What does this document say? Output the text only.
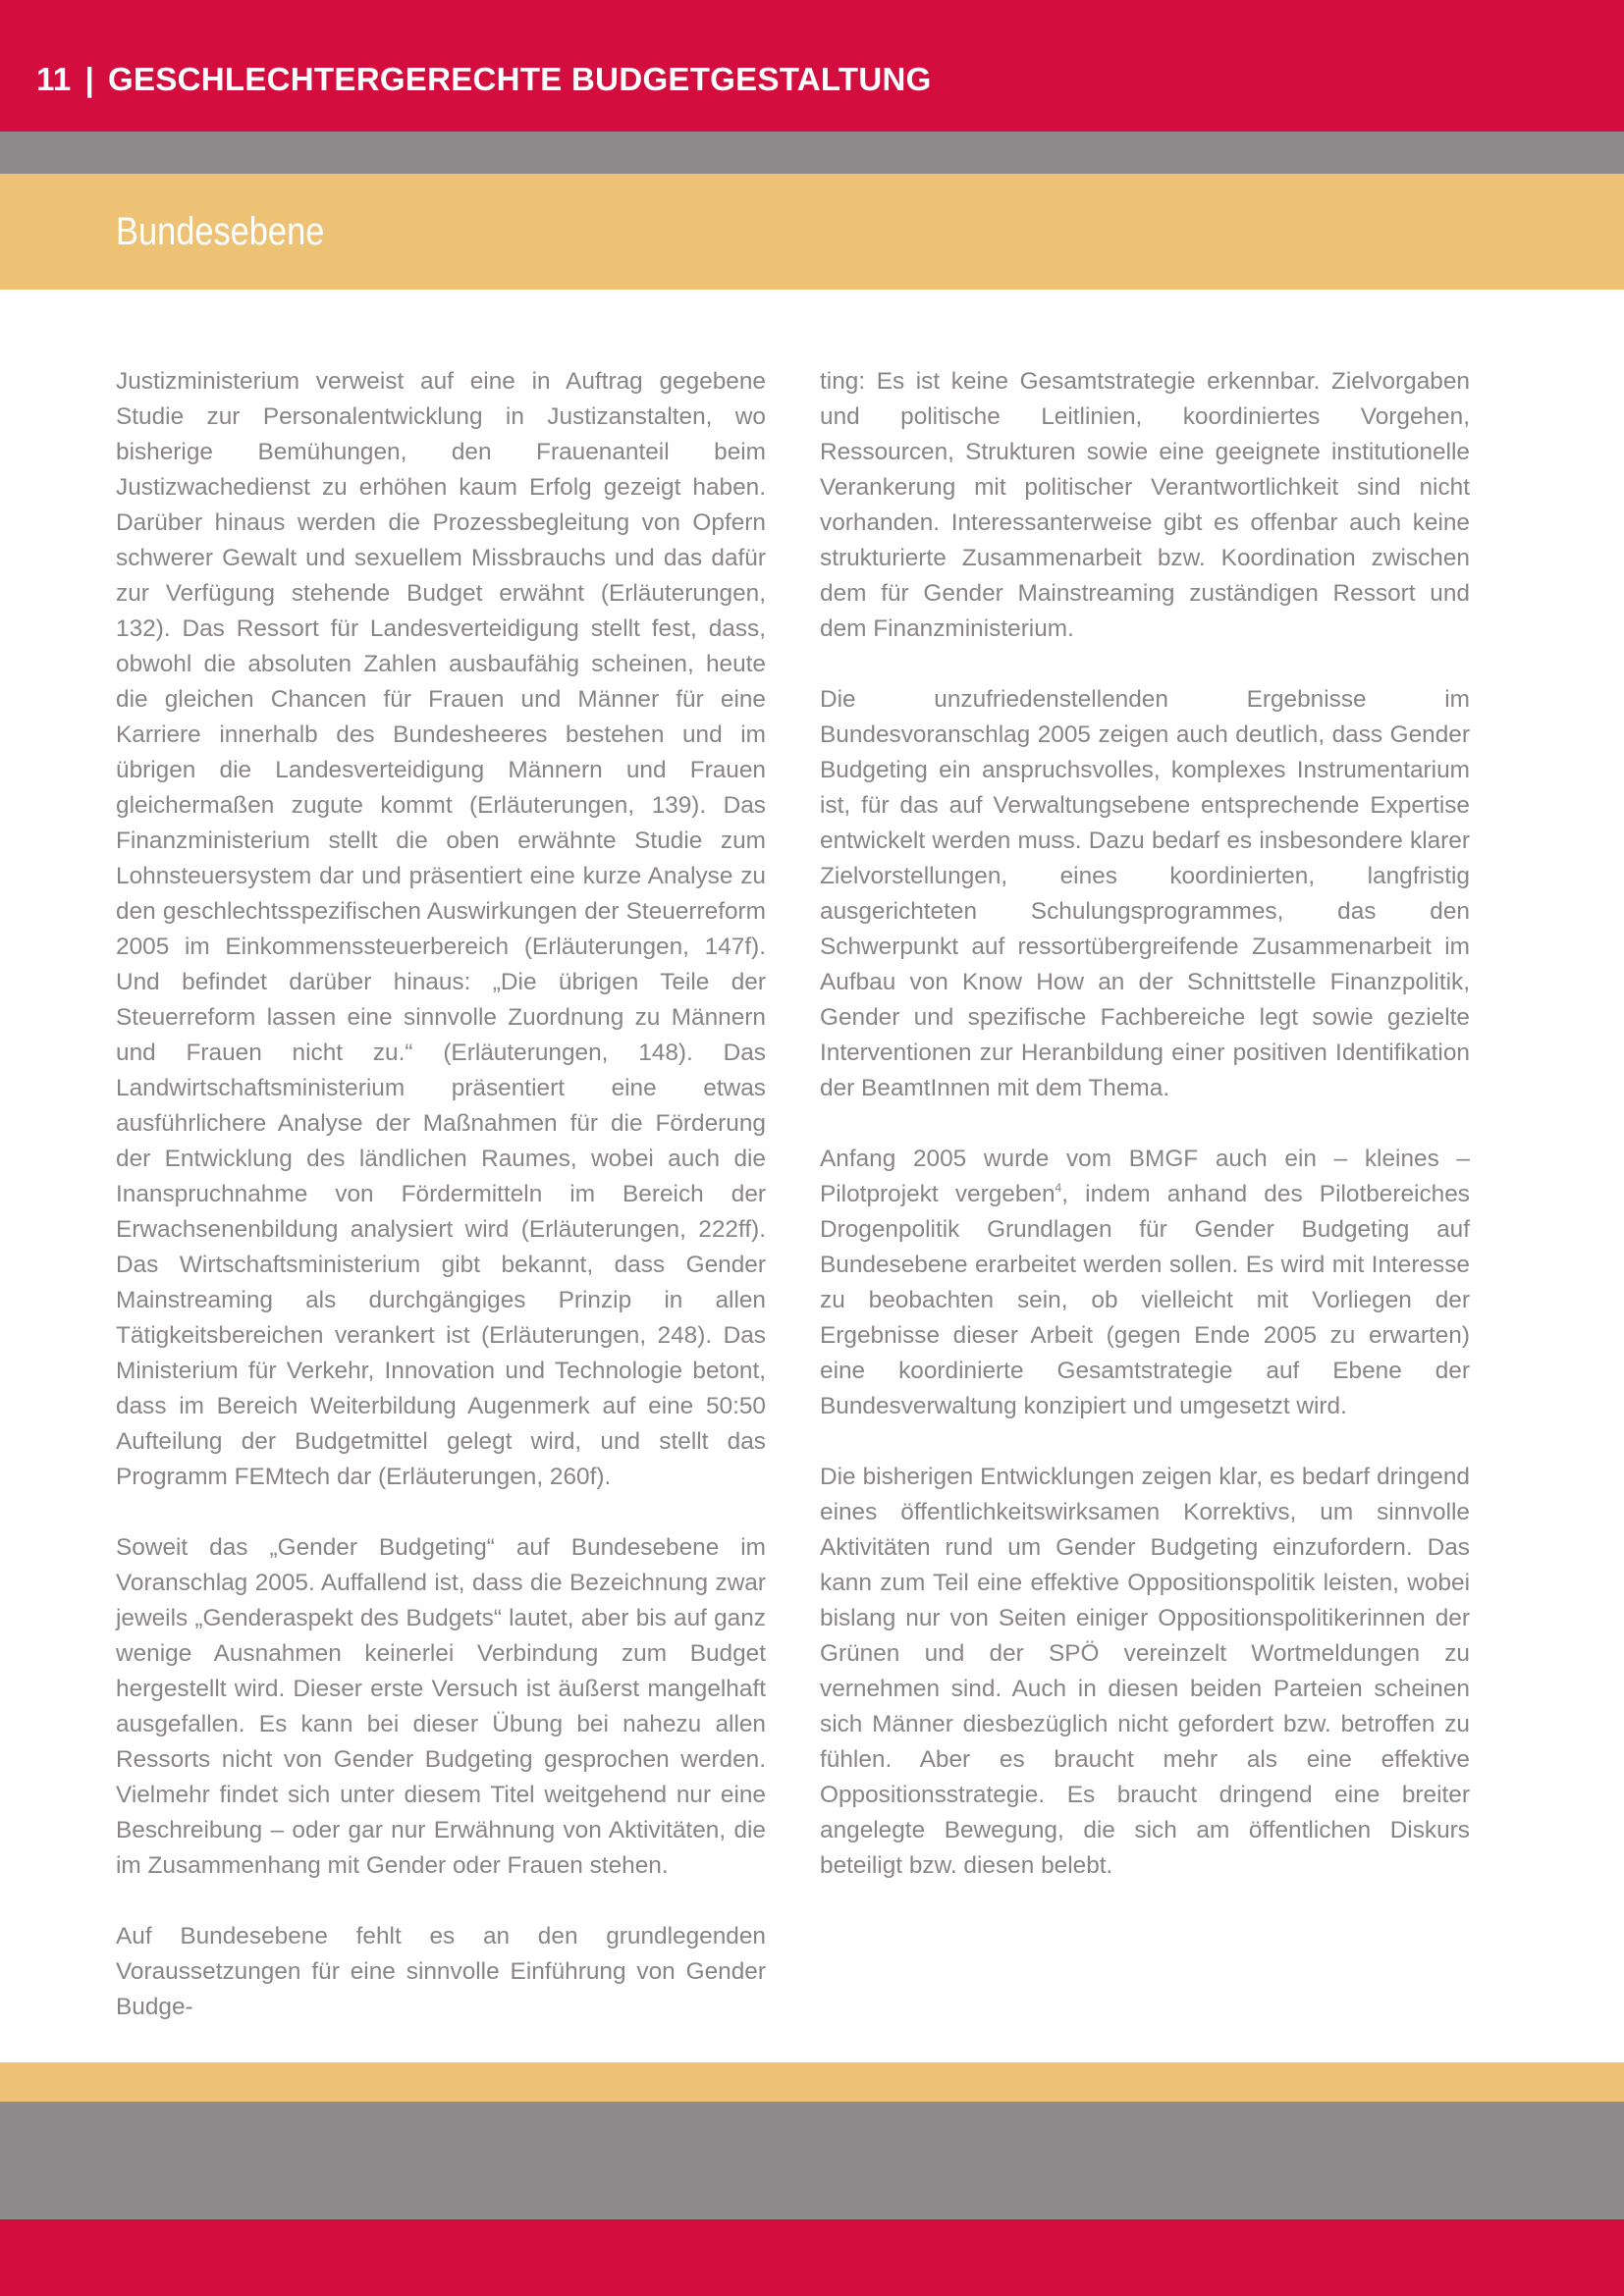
11 | GESCHLECHTERGERECHTE BUDGETGESTALTUNG
Bundesebene

Justizministerium verweist auf eine in Auftrag gegebene Studie zur Personalentwicklung in Justizanstalten, wo bisherige Bemühungen, den Frauenanteil beim Justizwachedienst zu erhöhen kaum Erfolg gezeigt haben. Darüber hinaus werden die Prozessbegleitung von Opfern schwerer Gewalt und sexuellem Missbrauchs und das dafür zur Verfügung stehende Budget erwähnt (Erläuterungen, 132). Das Ressort für Landesverteidigung stellt fest, dass, obwohl die absoluten Zahlen ausbaufähig scheinen, heute die gleichen Chancen für Frauen und Männer für eine Karriere innerhalb des Bundesheeres bestehen und im übrigen die Landesverteidigung Männern und Frauen gleichermaßen zugute kommt (Erläuterungen, 139). Das Finanzministerium stellt die oben erwähnte Studie zum Lohnsteuersystem dar und präsentiert eine kurze Analyse zu den geschlechtsspezifischen Auswirkungen der Steuerreform 2005 im Einkommenssteuerbereich (Erläuterungen, 147f). Und befindet darüber hinaus: „Die übrigen Teile der Steuerreform lassen eine sinnvolle Zuordnung zu Männern und Frauen nicht zu.“ (Erläuterungen, 148). Das Landwirtschaftsministerium präsentiert eine etwas ausführlichere Analyse der Maßnahmen für die Förderung der Entwicklung des ländlichen Raumes, wobei auch die Inanspruchnahme von Fördermitteln im Bereich der Erwachsenenbildung analysiert wird (Erläuterungen, 222ff). Das Wirtschaftsministerium gibt bekannt, dass Gender Mainstreaming als durchgängiges Prinzip in allen Tätigkeitsbereichen verankert ist (Erläuterungen, 248). Das Ministerium für Verkehr, Innovation und Technologie betont, dass im Bereich Weiterbildung Augenmerk auf eine 50:50 Aufteilung der Budgetmittel gelegt wird, und stellt das Programm FEMtech dar (Erläuterungen, 260f).

Soweit das „Gender Budgeting“ auf Bundesebene im Voranschlag 2005. Auffallend ist, dass die Bezeichnung zwar jeweils „Genderaspekt des Budgets“ lautet, aber bis auf ganz wenige Ausnahmen keinerlei Verbindung zum Budget hergestellt wird. Dieser erste Versuch ist äußerst mangelhaft ausgefallen. Es kann bei dieser Übung bei nahezu allen Ressorts nicht von Gender Budgeting gesprochen werden. Vielmehr findet sich unter diesem Titel weitgehend nur eine Beschreibung – oder gar nur Erwähnung von Aktivitäten, die im Zusammenhang mit Gender oder Frauen stehen.

Auf Bundesebene fehlt es an den grundlegenden Voraussetzungen für eine sinnvolle Einführung von Gender Budge-

ting: Es ist keine Gesamtstrategie erkennbar. Zielvorgaben und politische Leitlinien, koordiniertes Vorgehen, Ressourcen, Strukturen sowie eine geeignete institutionelle Verankerung mit politischer Verantwortlichkeit sind nicht vorhanden. Interessanterweise gibt es offenbar auch keine strukturierte Zusammenarbeit bzw. Koordination zwischen dem für Gender Mainstreaming zuständigen Ressort und dem Finanzministerium.

Die unzufriedenstellenden Ergebnisse im Bundesvoranschlag 2005 zeigen auch deutlich, dass Gender Budgeting ein anspruchsvolles, komplexes Instrumentarium ist, für das auf Verwaltungsebene entsprechende Expertise entwickelt werden muss. Dazu bedarf es insbesondere klarer Zielvorstellungen, eines koordinierten, langfristig ausgerichteten Schulungsprogrammes, das den Schwerpunkt auf ressortübergreifende Zusammenarbeit im Aufbau von Know How an der Schnittstelle Finanzpolitik, Gender und spezifische Fachbereiche legt sowie gezielte Interventionen zur Heranbildung einer positiven Identifikation der BeamtInnen mit dem Thema.

Anfang 2005 wurde vom BMGF auch ein – kleines – Pilotprojekt vergeben$^4$, indem anhand des Pilotbereiches Drogenpolitik Grundlagen für Gender Budgeting auf Bundesebene erarbeitet werden sollen. Es wird mit Interesse zu beobachten sein, ob vielleicht mit Vorliegen der Ergebnisse dieser Arbeit (gegen Ende 2005 zu erwarten) eine koordinierte Gesamtstrategie auf Ebene der Bundesverwaltung konzipiert und umgesetzt wird.

Die bisherigen Entwicklungen zeigen klar, es bedarf dringend eines öffentlichkeitswirksamen Korrektivs, um sinnvolle Aktivitäten rund um Gender Budgeting einzufordern. Das kann zum Teil eine effektive Oppositionspolitik leisten, wobei bislang nur von Seiten einiger Oppositionspolitikerinnen der Grünen und der SPÖ vereinzelt Wortmeldungen zu vernehmen sind. Auch in diesen beiden Parteien scheinen sich Männer diesbezüglich nicht gefordert bzw. betroffen zu fühlen. Aber es braucht mehr als eine effektive Oppositionsstrategie. Es braucht dringend eine breiter angelegte Bewegung, die sich am öffentlichen Diskurs beteiligt bzw. diesen belebt.
